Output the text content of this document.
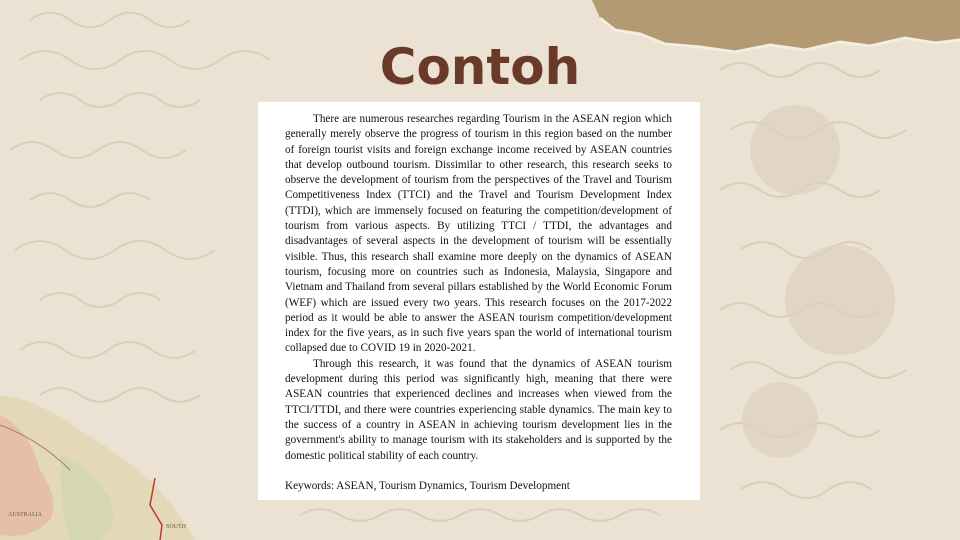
AUSTRALIA
SOUTH
Contoh

There are numerous researches regarding Tourism in the ASEAN region which generally merely observe the progress of tourism in this region based on the number of foreign tourist visits and foreign exchange income received by ASEAN countries that develop outbound tourism. Dissimilar to other research, this research seeks to observe the development of tourism from the perspectives of the Travel and Tourism Competitiveness Index (TTCI) and the Travel and Tourism Development Index (TTDI), which are immensely focused on featuring the competition/development of tourism from various aspects. By utilizing TTCI / TTDI, the advantages and disadvantages of several aspects in the development of tourism will be essentially visible. Thus, this research shall examine more deeply on the dynamics of ASEAN tourism, focusing more on countries such as Indonesia, Malaysia, Singapore and Vietnam and Thailand from several pillars established by the World Economic Forum (WEF) which are issued every two years. This research focuses on the 2017-2022 period as it would be able to answer the ASEAN tourism competition/development index for the five years, as in such five years span the world of international tourism collapsed due to COVID 19 in 2020-2021.

Through this research, it was found that the dynamics of ASEAN tourism development during this period was significantly high, meaning that there were ASEAN countries that experienced declines and increases when viewed from the TTCI/TTDI, and there were countries experiencing stable dynamics. The main key to the success of a country in ASEAN in achieving tourism development lies in the government's ability to manage tourism with its stakeholders and is supported by the domestic political stability of each country.

Keywords: ASEAN, Tourism Dynamics, Tourism Development
